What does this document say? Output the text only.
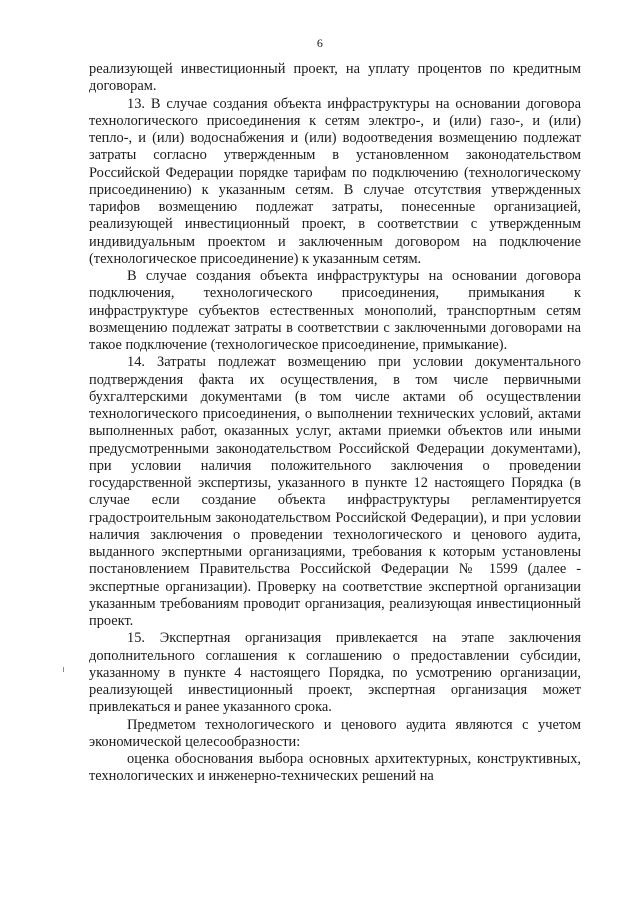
6

реализующей инвестиционный проект, на уплату процентов по кредитным договорам.

13. В случае создания объекта инфраструктуры на основании договора технологического присоединения к сетям электро-, и (или) газо-, и (или) тепло-, и (или) водоснабжения и (или) водоотведения возмещению подлежат затраты согласно утвержденным в установленном законодательством Российской Федерации порядке тарифам по подключению (технологическому присоединению) к указанным сетям. В случае отсутствия утвержденных тарифов возмещению подлежат затраты, понесенные организацией, реализующей инвестиционный проект, в соответствии с утвержденным индивидуальным проектом и заключенным договором на подключение (технологическое присоединение) к указанным сетям.

В случае создания объекта инфраструктуры на основании договора подключения, технологического присоединения, примыкания к инфраструктуре субъектов естественных монополий, транспортным сетям возмещению подлежат затраты в соответствии с заключенными договорами на такое подключение (технологическое присоединение, примыкание).

14. Затраты подлежат возмещению при условии документального подтверждения факта их осуществления, в том числе первичными бухгалтерскими документами (в том числе актами об осуществлении технологического присоединения, о выполнении технических условий, актами выполненных работ, оказанных услуг, актами приемки объектов или иными предусмотренными законодательством Российской Федерации документами), при условии наличия положительного заключения о проведении государственной экспертизы, указанного в пункте 12 настоящего Порядка (в случае если создание объекта инфраструктуры регламентируется градостроительным законодательством Российской Федерации), и при условии наличия заключения о проведении технологического и ценового аудита, выданного экспертными организациями, требования к которым установлены постановлением Правительства Российской Федерации № 1599 (далее - экспертные организации). Проверку на соответствие экспертной организации указанным требованиям проводит организация, реализующая инвестиционный проект.

15. Экспертная организация привлекается на этапе заключения дополнительного соглашения к соглашению о предоставлении субсидии, указанному в пункте 4 настоящего Порядка, по усмотрению организации, реализующей инвестиционный проект, экспертная организация может привлекаться и ранее указанного срока.

Предметом технологического и ценового аудита являются с учетом экономической целесообразности:

оценка обоснования выбора основных архитектурных, конструктивных, технологических и инженерно-технических решений на
